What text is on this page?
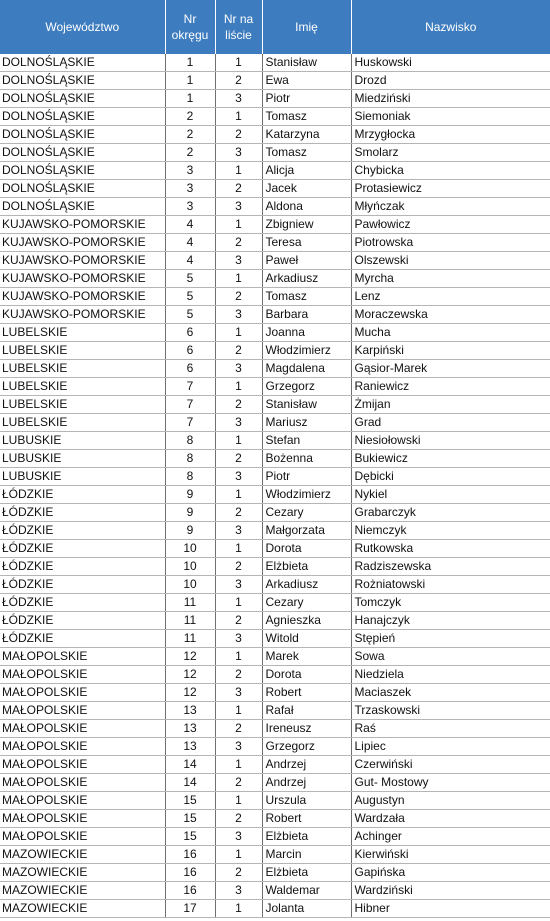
Województwo	Nr okręgu	Nr na liście	Imię	Nazwisko
DOLNOŚLĄSKIE	1	1	Stanisław	Huskowski
DOLNOŚLĄSKIE	1	2	Ewa	Drozd
DOLNOŚLĄSKIE	1	3	Piotr	Miedziński
DOLNOŚLĄSKIE	2	1	Tomasz	Siemoniak
DOLNOŚLĄSKIE	2	2	Katarzyna	Mrzygłocka
DOLNOŚLĄSKIE	2	3	Tomasz	Smolarz
DOLNOŚLĄSKIE	3	1	Alicja	Chybicka
DOLNOŚLĄSKIE	3	2	Jacek	Protasiewicz
DOLNOŚLĄSKIE	3	3	Aldona	Młyńczak
KUJAWSKO-POMORSKIE	4	1	Zbigniew	Pawłowicz
KUJAWSKO-POMORSKIE	4	2	Teresa	Piotrowska
KUJAWSKO-POMORSKIE	4	3	Paweł	Olszewski
KUJAWSKO-POMORSKIE	5	1	Arkadiusz	Myrcha
KUJAWSKO-POMORSKIE	5	2	Tomasz	Lenz
KUJAWSKO-POMORSKIE	5	3	Barbara	Moraczewska
LUBELSKIE	6	1	Joanna	Mucha
LUBELSKIE	6	2	Włodzimierz	Karpiński
LUBELSKIE	6	3	Magdalena	Gąsior-Marek
LUBELSKIE	7	1	Grzegorz	Raniewicz
LUBELSKIE	7	2	Stanisław	Żmijan
LUBELSKIE	7	3	Mariusz	Grad
LUBUSKIE	8	1	Stefan	Niesiołowski
LUBUSKIE	8	2	Bożenna	Bukiewicz
LUBUSKIE	8	3	Piotr	Dębicki
ŁÓDZKIE	9	1	Włodzimierz	Nykiel
ŁÓDZKIE	9	2	Cezary	Grabarczyk
ŁÓDZKIE	9	3	Małgorzata	Niemczyk
ŁÓDZKIE	10	1	Dorota	Rutkowska
ŁÓDZKIE	10	2	Elżbieta	Radziszewska
ŁÓDZKIE	10	3	Arkadiusz	Rożniatowski
ŁÓDZKIE	11	1	Cezary	Tomczyk
ŁÓDZKIE	11	2	Agnieszka	Hanajczyk
ŁÓDZKIE	11	3	Witold	Stępień
MAŁOPOLSKIE	12	1	Marek	Sowa
MAŁOPOLSKIE	12	2	Dorota	Niedziela
MAŁOPOLSKIE	12	3	Robert	Maciaszek
MAŁOPOLSKIE	13	1	Rafał	Trzaskowski
MAŁOPOLSKIE	13	2	Ireneusz	Raś
MAŁOPOLSKIE	13	3	Grzegorz	Lipiec
MAŁOPOLSKIE	14	1	Andrzej	Czerwiński
MAŁOPOLSKIE	14	2	Andrzej	Gut- Mostowy
MAŁOPOLSKIE	15	1	Urszula	Augustyn
MAŁOPOLSKIE	15	2	Robert	Wardzała
MAŁOPOLSKIE	15	3	Elżbieta	Achinger
MAZOWIECKIE	16	1	Marcin	Kierwiński
MAZOWIECKIE	16	2	Elżbieta	Gapińska
MAZOWIECKIE	16	3	Waldemar	Wardziński
MAZOWIECKIE	17	1	Jolanta	Hibner
